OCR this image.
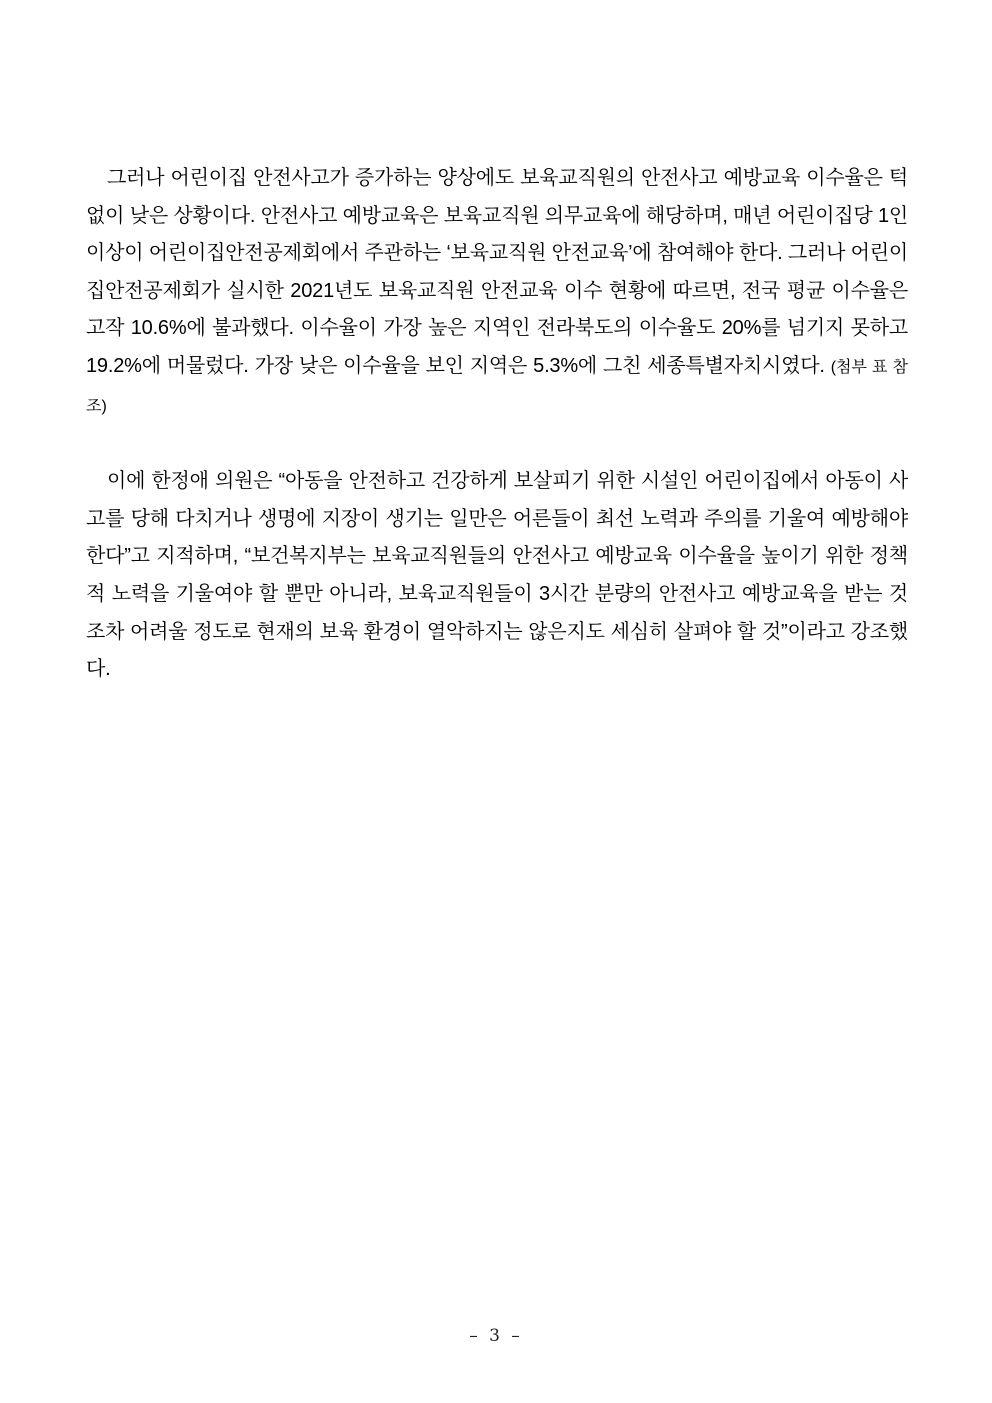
그러나 어린이집 안전사고가 증가하는 양상에도 보육교직원의 안전사고 예방교육 이수율은 턱없이 낮은 상황이다. 안전사고 예방교육은 보육교직원 의무교육에 해당하며, 매년 어린이집당 1인 이상이 어린이집안전공제회에서 주관하는 ‘보육교직원 안전교육’에 참여해야 한다. 그러나 어린이집안전공제회가 실시한 2021년도 보육교직원 안전교육 이수 현황에 따르면, 전국 평균 이수율은 고작 10.6%에 불과했다. 이수율이 가장 높은 지역인 전라북도의 이수율도 20%를 넘기지 못하고 19.2%에 머물렀다. 가장 낮은 이수율을 보인 지역은 5.3%에 그친 세종특별자치시였다. (첨부 표 참조)

이에 한정애 의원은 “아동을 안전하고 건강하게 보살피기 위한 시설인 어린이집에서 아동이 사고를 당해 다치거나 생명에 지장이 생기는 일만은 어른들이 최선 노력과 주의를 기울여 예방해야 한다”고 지적하며, “보건복지부는 보육교직원들의 안전사고 예방교육 이수율을 높이기 위한 정책적 노력을 기울여야 할 뿐만 아니라, 보육교직원들이 3시간 분량의 안전사고 예방교육을 받는 것조차 어려울 정도로 현재의 보육 환경이 열악하지는 않은지도 세심히 살펴야 할 것”이라고 강조했다.

– 3 –
